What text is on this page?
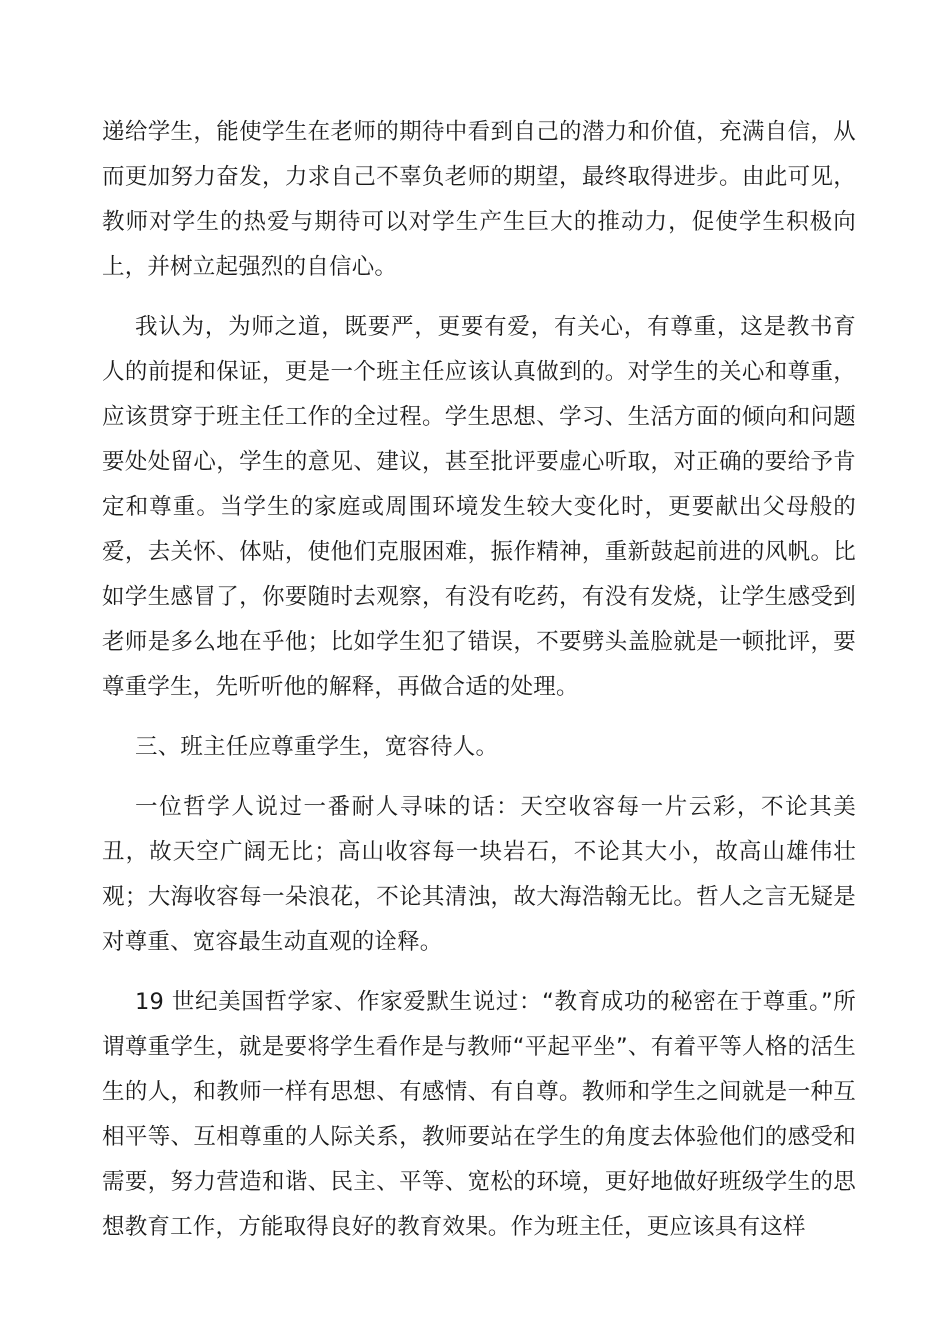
递给学生，能使学生在老师的期待中看到自己的潜力和价值，充满自信，从而更加努力奋发，力求自己不辜负老师的期望，最终取得进步。由此可见，教师对学生的热爱与期待可以对学生产生巨大的推动力，促使学生积极向上，并树立起强烈的自信心。

我认为，为师之道，既要严，更要有爱，有关心，有尊重，这是教书育人的前提和保证，更是一个班主任应该认真做到的。对学生的关心和尊重，应该贯穿于班主任工作的全过程。学生思想、学习、生活方面的倾向和问题要处处留心，学生的意见、建议，甚至批评要虚心听取，对正确的要给予肯定和尊重。当学生的家庭或周围环境发生较大变化时，更要献出父母般的爱，去关怀、体贴，使他们克服困难，振作精神，重新鼓起前进的风帆。比如学生感冒了，你要随时去观察，有没有吃药，有没有发烧，让学生感受到老师是多么地在乎他；比如学生犯了错误，不要劈头盖脸就是一顿批评，要尊重学生，先听听他的解释，再做合适的处理。

三、班主任应尊重学生，宽容待人。

一位哲学人说过一番耐人寻味的话：天空收容每一片云彩，不论其美丑，故天空广阔无比；高山收容每一块岩石，不论其大小，故高山雄伟壮观；大海收容每一朵浪花，不论其清浊，故大海浩翰无比。哲人之言无疑是对尊重、宽容最生动直观的诠释。

19 世纪美国哲学家、作家爱默生说过：“教育成功的秘密在于尊重。”所谓尊重学生，就是要将学生看作是与教师“平起平坐”、有着平等人格的活生生的人，和教师一样有思想、有感情、有自尊。教师和学生之间就是一种互相平等、互相尊重的人际关系，教师要站在学生的角度去体验他们的感受和需要，努力营造和谐、民主、平等、宽松的环境，更好地做好班级学生的思想教育工作，方能取得良好的教育效果。作为班主任，更应该具有这样
